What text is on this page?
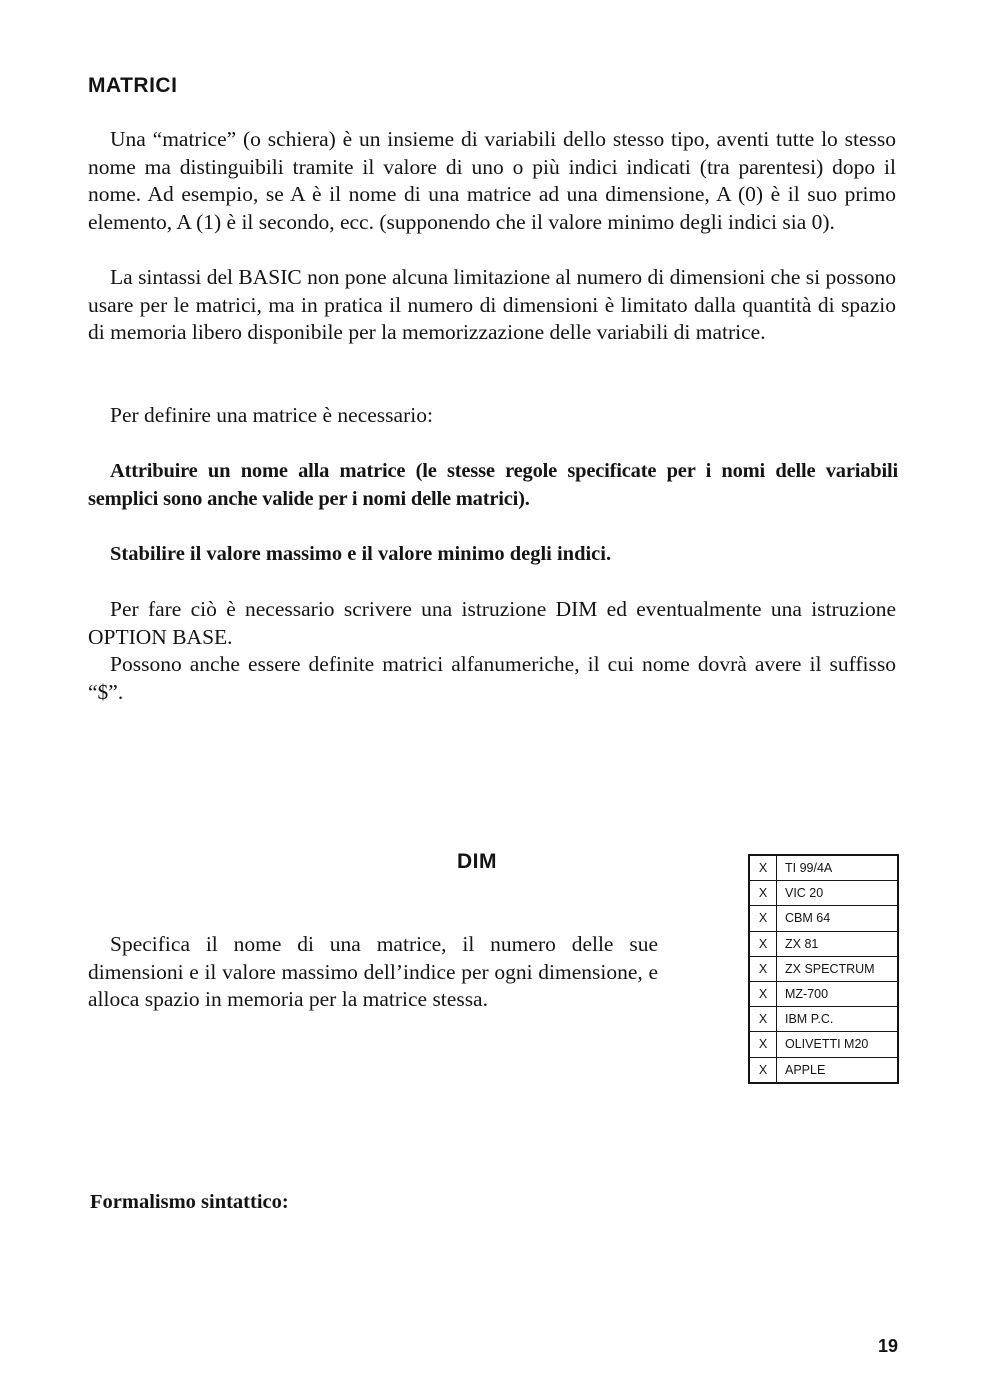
MATRICI
Una “matrice” (o schiera) è un insieme di variabili dello stesso tipo, aventi tutte lo stesso nome ma distinguibili tramite il valore di uno o più indici indicati (tra parentesi) dopo il nome. Ad esempio, se A è il nome di una matrice ad una dimensione, A (0) è il suo primo elemento, A (1) è il secondo, ecc. (supponendo che il valore minimo degli indici sia 0).
La sintassi del BASIC non pone alcuna limitazione al numero di dimensioni che si possono usare per le matrici, ma in pratica il numero di dimensioni è limitato dalla quantità di spazio di memoria libero disponibile per la memorizzazione delle variabili di matrice.
Per definire una matrice è necessario:
Attribuire un nome alla matrice (le stesse regole specificate per i nomi delle variabili semplici sono anche valide per i nomi delle matrici).
Stabilire il valore massimo e il valore minimo degli indici.
Per fare ciò è necessario scrivere una istruzione DIM ed eventualmente una istruzione OPTION BASE.
Possono anche essere definite matrici alfanumeriche, il cui nome dovrà avere il suffisso “$”.
DIM
Specifica il nome di una matrice, il numero delle sue dimensioni e il valore massimo dell’indice per ogni dimensione, e alloca spazio in memoria per la matrice stessa.
X	TI 99/4A
X	VIC 20
X	CBM 64
X	ZX 81
X	ZX SPECTRUM
X	MZ-700
X	IBM P.C.
X	OLIVETTI M20
X	APPLE
Formalismo sintattico:
19
